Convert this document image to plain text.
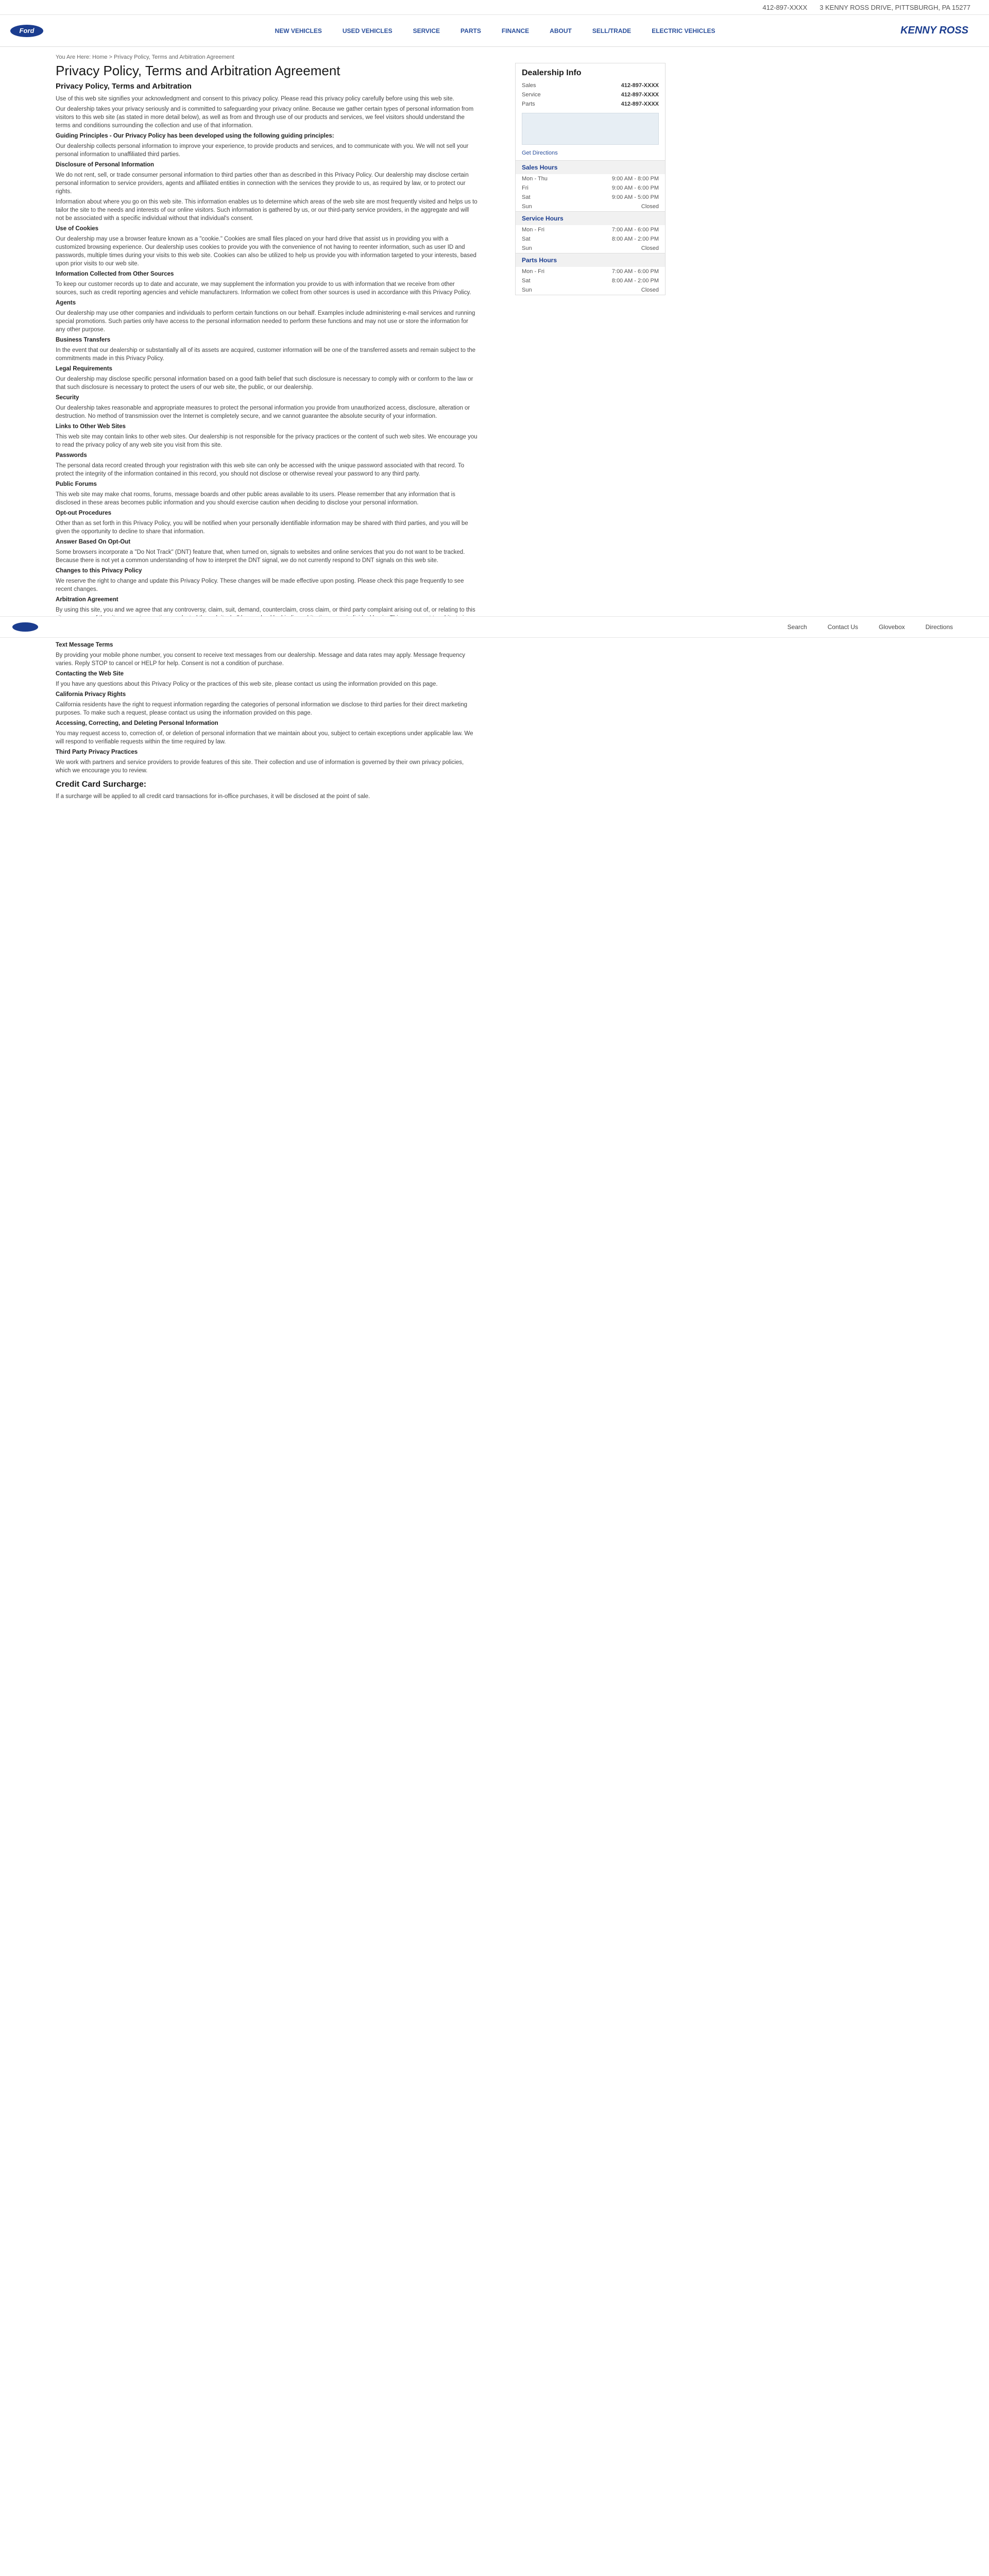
412-897-XXXX 3 KENNY ROSS DRIVE, PITTSBURGH, PA 15277
Ford	NEW VEHICLES	USED VEHICLES	SERVICE	PARTS	FINANCE	ABOUT	SELL/TRADE	ELECTRIC VEHICLES	KENNY ROSS
You Are Here: Home > Privacy Policy, Terms and Arbitration Agreement
Privacy Policy, Terms and Arbitration Agreement
Privacy Policy, Terms and Arbitration

Use of this web site signifies your acknowledgment and consent to this privacy policy. Please read this privacy policy carefully before using this web site.

Our dealership takes your privacy seriously and is committed to safeguarding your privacy online. Because we gather certain types of personal information from visitors to this web site (as stated in more detail below), as well as from and through use of our products and services, we feel visitors should understand the terms and conditions surrounding the collection and use of that information.

Guiding Principles - Our Privacy Policy has been developed using the following guiding principles:

Our dealership collects personal information to improve your experience, to provide products and services, and to communicate with you. We will not sell your personal information to unaffiliated third parties.

Disclosure of Personal Information

We do not rent, sell, or trade consumer personal information to third parties other than as described in this Privacy Policy. Our dealership may disclose certain personal information to service providers, agents and affiliated entities in connection with the services they provide to us, as required by law, or to protect our rights.

Information about where you go on this web site. This information enables us to determine which areas of the web site are most frequently visited and helps us to tailor the site to the needs and interests of our online visitors. Such information is gathered by us, or our third-party service providers, in the aggregate and will not be associated with a specific individual without that individual's consent.

Use of Cookies

Our dealership may use a browser feature known as a "cookie." Cookies are small files placed on your hard drive that assist us in providing you with a customized browsing experience. Our dealership uses cookies to provide you with the convenience of not having to reenter information, such as user ID and passwords, multiple times during your visits to this web site. Cookies can also be utilized to help us provide you with information targeted to your interests, based upon prior visits to our web site.

Information Collected from Other Sources

To keep our customer records up to date and accurate, we may supplement the information you provide to us with information that we receive from other sources, such as credit reporting agencies and vehicle manufacturers. Information we collect from other sources is used in accordance with this Privacy Policy.

Agents

Our dealership may use other companies and individuals to perform certain functions on our behalf. Examples include administering e-mail services and running special promotions. Such parties only have access to the personal information needed to perform these functions and may not use or store the information for any other purpose.

Business Transfers

In the event that our dealership or substantially all of its assets are acquired, customer information will be one of the transferred assets and remain subject to the commitments made in this Privacy Policy.

Legal Requirements

Our dealership may disclose specific personal information based on a good faith belief that such disclosure is necessary to comply with or conform to the law or that such disclosure is necessary to protect the users of our web site, the public, or our dealership.

Security

Our dealership takes reasonable and appropriate measures to protect the personal information you provide from unauthorized access, disclosure, alteration or destruction. No method of transmission over the Internet is completely secure, and we cannot guarantee the absolute security of your information.

Links to Other Web Sites

This web site may contain links to other web sites. Our dealership is not responsible for the privacy practices or the content of such web sites. We encourage you to read the privacy policy of any web site you visit from this site.

Passwords

The personal data record created through your registration with this web site can only be accessed with the unique password associated with that record. To protect the integrity of the information contained in this record, you should not disclose or otherwise reveal your password to any third party.

Public Forums

This web site may make chat rooms, forums, message boards and other public areas available to its users. Please remember that any information that is disclosed in these areas becomes public information and you should exercise caution when deciding to disclose your personal information.

Opt-out Procedures

Other than as set forth in this Privacy Policy, you will be notified when your personally identifiable information may be shared with third parties, and you will be given the opportunity to decline to share that information.

Answer Based On Opt-Out

Some browsers incorporate a "Do Not Track" (DNT) feature that, when turned on, signals to websites and online services that you do not want to be tracked. Because there is not yet a common understanding of how to interpret the DNT signal, we do not currently respond to DNT signals on this web site.

Changes to this Privacy Policy

We reserve the right to change and update this Privacy Policy. These changes will be made effective upon posting. Please check this page frequently to see recent changes.

Arbitration Agreement

By using this site, you and we agree that any controversy, claim, suit, demand, counterclaim, cross claim, or third party complaint arising out of, or relating to this

Text Message Terms

By providing your mobile phone number, you consent to receive text messages from our dealership. Message and data rates may apply. Message frequency varies. Reply STOP to cancel or HELP for help. Consent is not a condition of purchase.

Contacting the Web Site

If you have any questions about this Privacy Policy or the practices of this web site, please contact us using the information provided on this page.

California Privacy Rights

California residents have the right to request information regarding the categories of personal information we disclose to third parties for their direct marketing purposes. To make such a request, please contact us using the information provided on this page.

Accessing, Correcting, and Deleting Personal Information

You may request access to, correction of, or deletion of personal information that we maintain about you, subject to certain exceptions under applicable law. We will respond to verifiable requests within the time required by law.

Third Party Privacy Practices

We work with partners and service providers to provide features of this site. Their collection and use of information is governed by their own privacy policies, which we encourage you to review.

Credit Card Surcharge:

If a surcharge will be applied to all credit card transactions for in-office purchases, it will be disclosed at the point of sale.

Dealership Info
Sales	412-897-XXXX
Service	412-897-XXXX
Parts	412-897-XXXX
Get Directions
Sales Hours
Mon - Thu	9:00 AM - 8:00 PM
Fri	9:00 AM - 6:00 PM
Sat	9:00 AM - 5:00 PM
Sun	Closed
Service Hours
Mon - Fri	7:00 AM - 6:00 PM
Sat	8:00 AM - 2:00 PM
Sun	Closed
Parts Hours
Mon - Fri	7:00 AM - 6:00 PM
Sat	8:00 AM - 2:00 PM
Sun	Closed
Search	Contact Us	Glovebox	Directions
